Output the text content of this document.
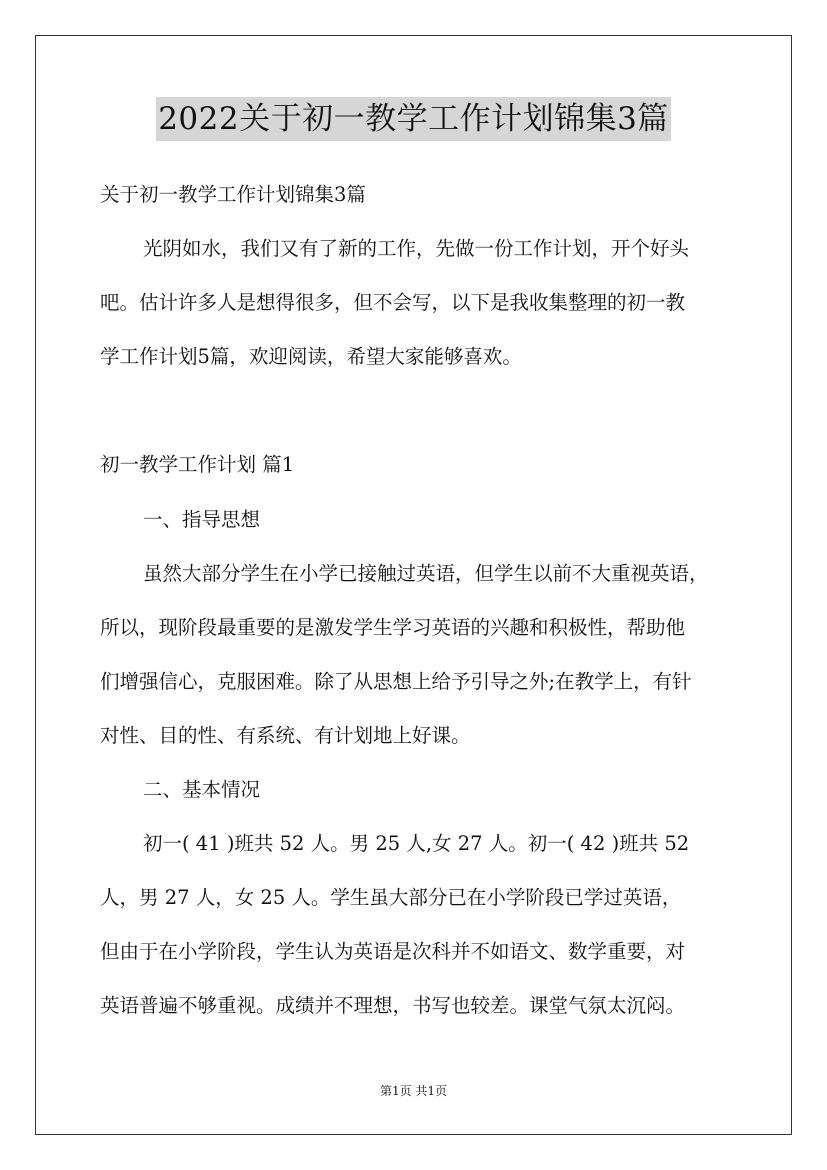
2022关于初一教学工作计划锦集3篇
关于初一教学工作计划锦集3篇
光阴如水，我们又有了新的工作，先做一份工作计划，开个好头
吧。估计许多人是想得很多，但不会写，以下是我收集整理的初一教
学工作计划5篇，欢迎阅读，希望大家能够喜欢。
初一教学工作计划 篇1
一、指导思想
虽然大部分学生在小学已接触过英语，但学生以前不大重视英语，
所以，现阶段最重要的是激发学生学习英语的兴趣和积极性，帮助他
们增强信心，克服困难。除了从思想上给予引导之外;在教学上，有针
对性、目的性、有系统、有计划地上好课。
二、基本情况
初一( 41 )班共 52 人。男 25 人,女 27 人。初一( 42 )班共 52
人，男 27 人，女 25 人。学生虽大部分已在小学阶段已学过英语，
但由于在小学阶段，学生认为英语是次科并不如语文、数学重要，对
英语普遍不够重视。成绩并不理想，书写也较差。课堂气氛太沉闷。
第1页 共1页
